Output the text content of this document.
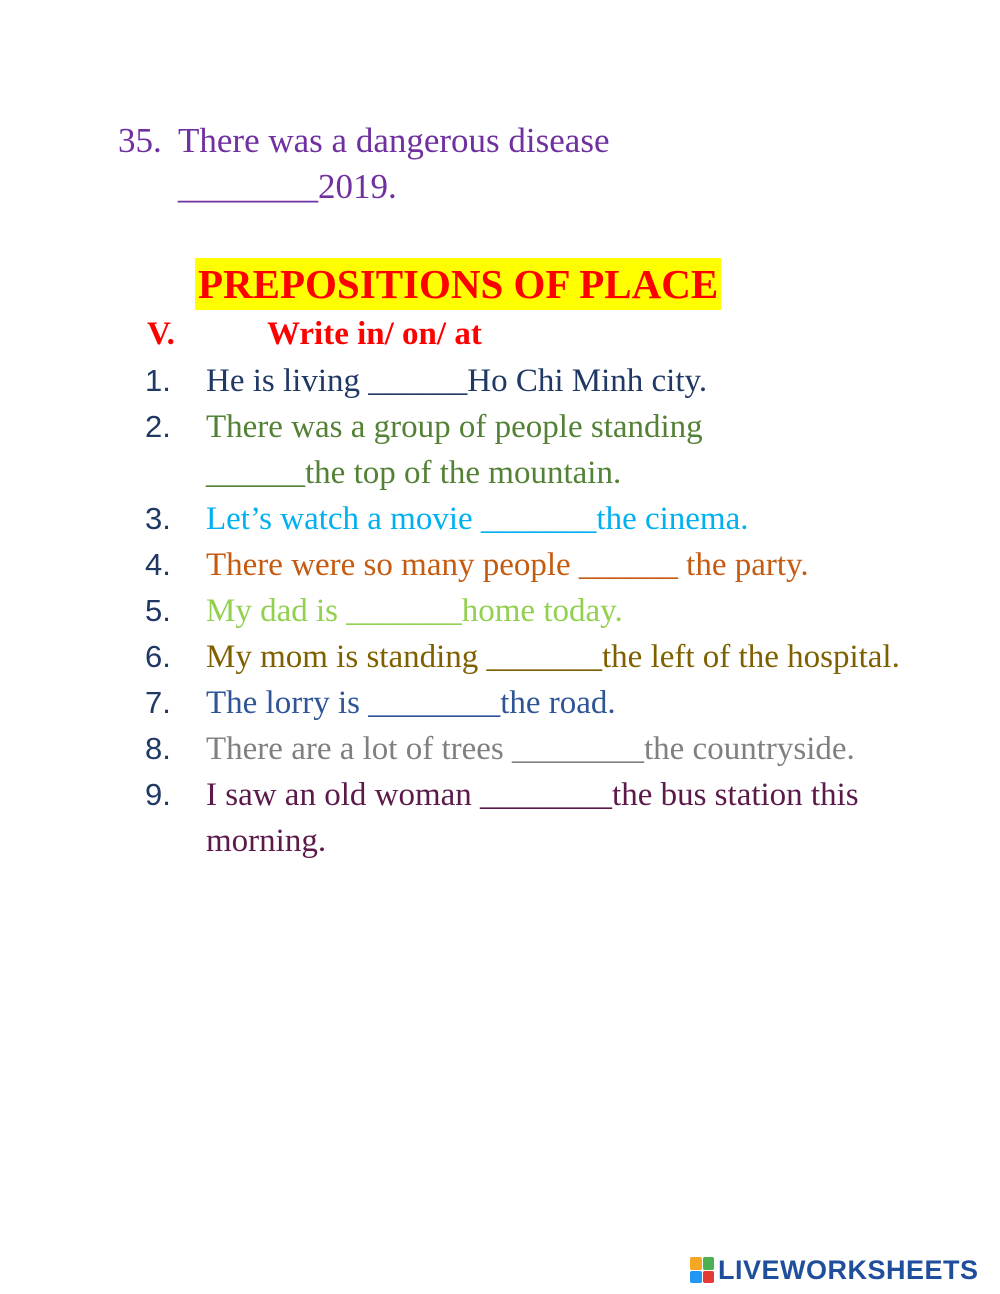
35. There was a dangerous disease
________2019.
PREPOSITIONS OF PLACE
V.	Write in/ on/ at
1. He is living ______Ho Chi Minh city.
2. There was a group of people standing ______the top of the mountain.
3. Let’s watch a movie _______the cinema.
4. There were so many people ______ the party.
5. My dad is _______home today.
6. My mom is standing _______the left of the hospital.
7. The lorry is ________the road.
8. There are a lot of trees ________the countryside.
9. I saw an old woman ________the bus station this morning.
LIVEWORKSHEETS
